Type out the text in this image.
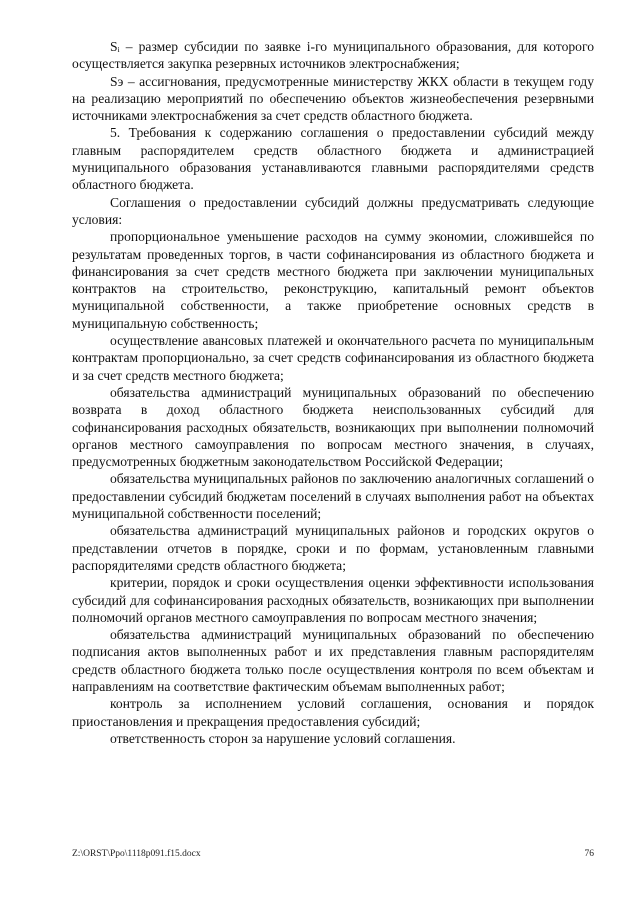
Sᵢ – размер субсидии по заявке i-го муниципального образования, для которого осуществляется закупка резервных источников электроснабжения;

Sэ – ассигнования, предусмотренные министерству ЖКХ области в текущем году на реализацию мероприятий по обеспечению объектов жизнеобеспечения резервными источниками электроснабжения за счет средств областного бюджета.

5. Требования к содержанию соглашения о предоставлении субсидий между главным распорядителем средств областного бюджета и администрацией муниципального образования устанавливаются главными распорядителями средств областного бюджета.

Соглашения о предоставлении субсидий должны предусматривать следующие условия:

пропорциональное уменьшение расходов на сумму экономии, сложившейся по результатам проведенных торгов, в части софинансирования из областного бюджета и финансирования за счет средств местного бюджета при заключении муниципальных контрактов на строительство, реконструкцию, капитальный ремонт объектов муниципальной собственности, а также приобретение основных средств в муниципальную собственность;

осуществление авансовых платежей и окончательного расчета по муниципальным контрактам пропорционально, за счет средств софинансирования из областного бюджета и за счет средств местного бюджета;

обязательства администраций муниципальных образований по обеспечению возврата в доход областного бюджета неиспользованных субсидий для софинансирования расходных обязательств, возникающих при выполнении полномочий органов местного самоуправления по вопросам местного значения, в случаях, предусмотренных бюджетным законодательством Российской Федерации;

обязательства муниципальных районов по заключению аналогичных соглашений о предоставлении субсидий бюджетам поселений в случаях выполнения работ на объектах муниципальной собственности поселений;

обязательства администраций муниципальных районов и городских округов о представлении отчетов в порядке, сроки и по формам, установленным главными распорядителями средств областного бюджета;

критерии, порядок и сроки осуществления оценки эффективности использования субсидий для софинансирования расходных обязательств, возникающих при выполнении полномочий органов местного самоуправления по вопросам местного значения;

обязательства администраций муниципальных образований по обеспечению подписания актов выполненных работ и их представления главным распорядителям средств областного бюджета только после осуществления контроля по всем объектам и направлениям на соответствие фактическим объемам выполненных работ;

контроль за исполнением условий соглашения, основания и порядок приостановления и прекращения предоставления субсидий;

ответственность сторон за нарушение условий соглашения.

Z:\ORST\Ppo\1118p091.f15.docx	76
